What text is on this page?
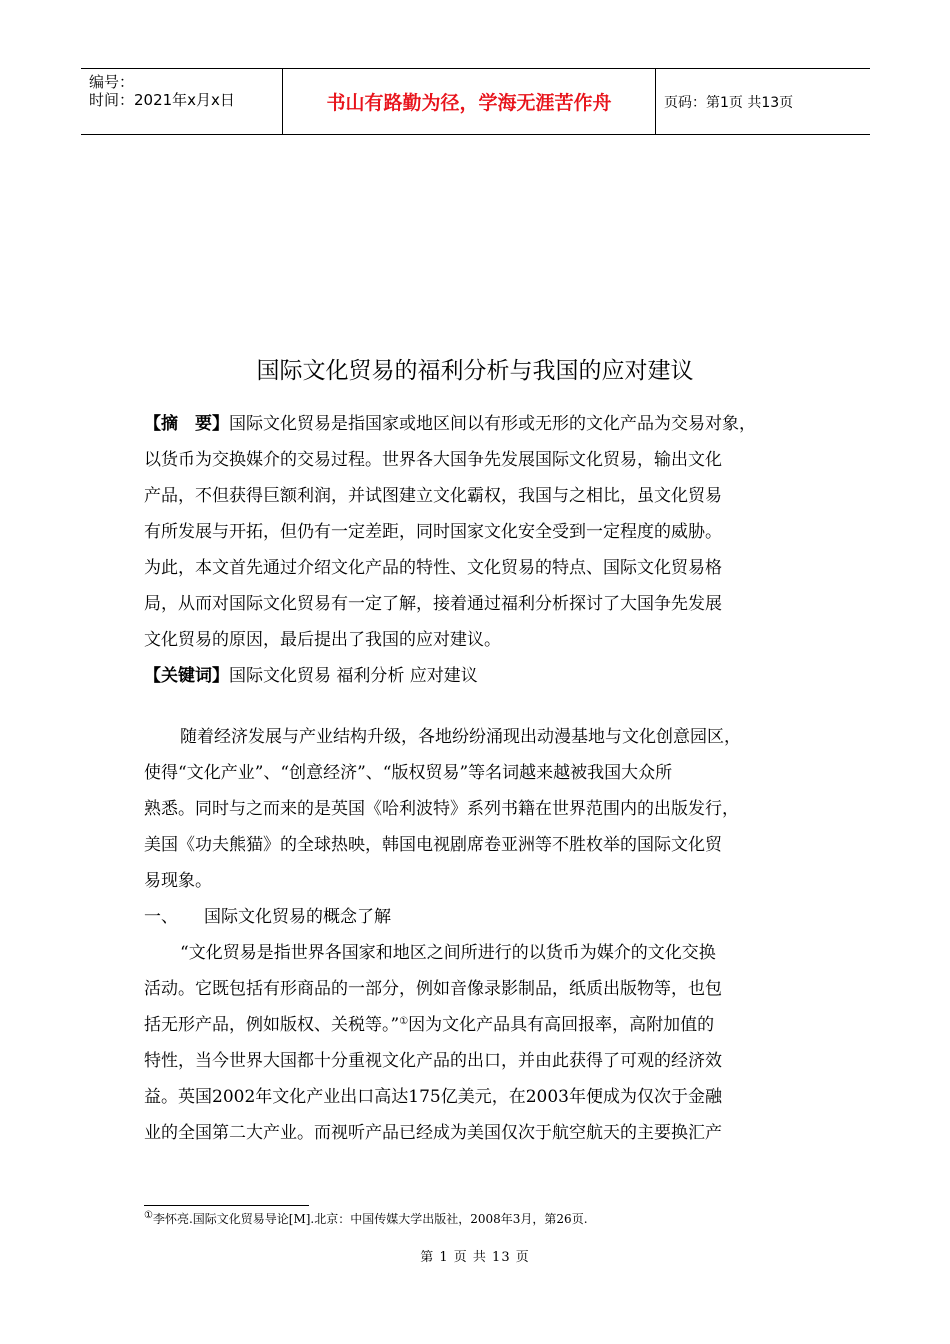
编号：
时间：2021年x月x日	书山有路勤为径，学海无涯苦作舟	页码：第1页 共13页
国际文化贸易的福利分析与我国的应对建议
【摘　要】国际文化贸易是指国家或地区间以有形或无形的文化产品为交易对象，
以货币为交换媒介的交易过程。世界各大国争先发展国际文化贸易，输出文化
产品，不但获得巨额利润，并试图建立文化霸权，我国与之相比，虽文化贸易
有所发展与开拓，但仍有一定差距，同时国家文化安全受到一定程度的威胁。
为此，本文首先通过介绍文化产品的特性、文化贸易的特点、国际文化贸易格
局，从而对国际文化贸易有一定了解，接着通过福利分析探讨了大国争先发展
文化贸易的原因，最后提出了我国的应对建议。
【关键词】国际文化贸易 福利分析 应对建议
随着经济发展与产业结构升级，各地纷纷涌现出动漫基地与文化创意园区，
使得“文化产业”、“创意经济”、“版权贸易”等名词越来越被我国大众所
熟悉。同时与之而来的是英国《哈利波特》系列书籍在世界范围内的出版发行，
美国《功夫熊猫》的全球热映，韩国电视剧席卷亚洲等不胜枚举的国际文化贸
易现象。
一、 国际文化贸易的概念了解
“文化贸易是指世界各国家和地区之间所进行的以货币为媒介的文化交换
活动。它既包括有形商品的一部分，例如音像录影制品，纸质出版物等，也包
括无形产品，例如版权、关税等。”①因为文化产品具有高回报率，高附加值的
特性，当今世界大国都十分重视文化产品的出口，并由此获得了可观的经济效
益。英国2002年文化产业出口高达175亿美元，在2003年便成为仅次于金融
业的全国第二大产业。而视听产品已经成为美国仅次于航空航天的主要换汇产
①李怀亮.国际文化贸易导论[M].北京：中国传媒大学出版社，2008年3月，第26页.
第 1 页 共 13 页
